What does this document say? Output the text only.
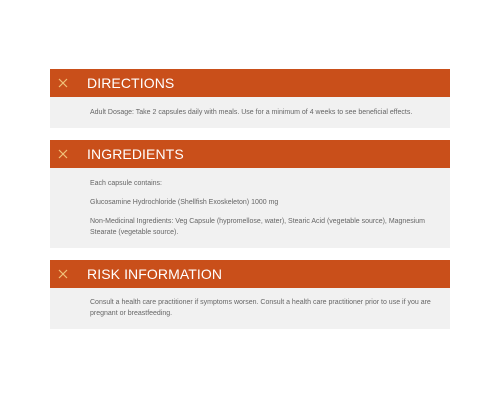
DIRECTIONS

Adult Dosage: Take 2 capsules daily with meals. Use for a minimum of 4 weeks to see beneficial effects.

INGREDIENTS

Each capsule contains:

Glucosamine Hydrochloride (Shellfish Exoskeleton) 1000 mg

Non-Medicinal Ingredients: Veg Capsule (hypromellose, water), Stearic Acid (vegetable source), Magnesium Stearate (vegetable source).

RISK INFORMATION

Consult a health care practitioner if symptoms worsen. Consult a health care practitioner prior to use if you are pregnant or breastfeeding.
